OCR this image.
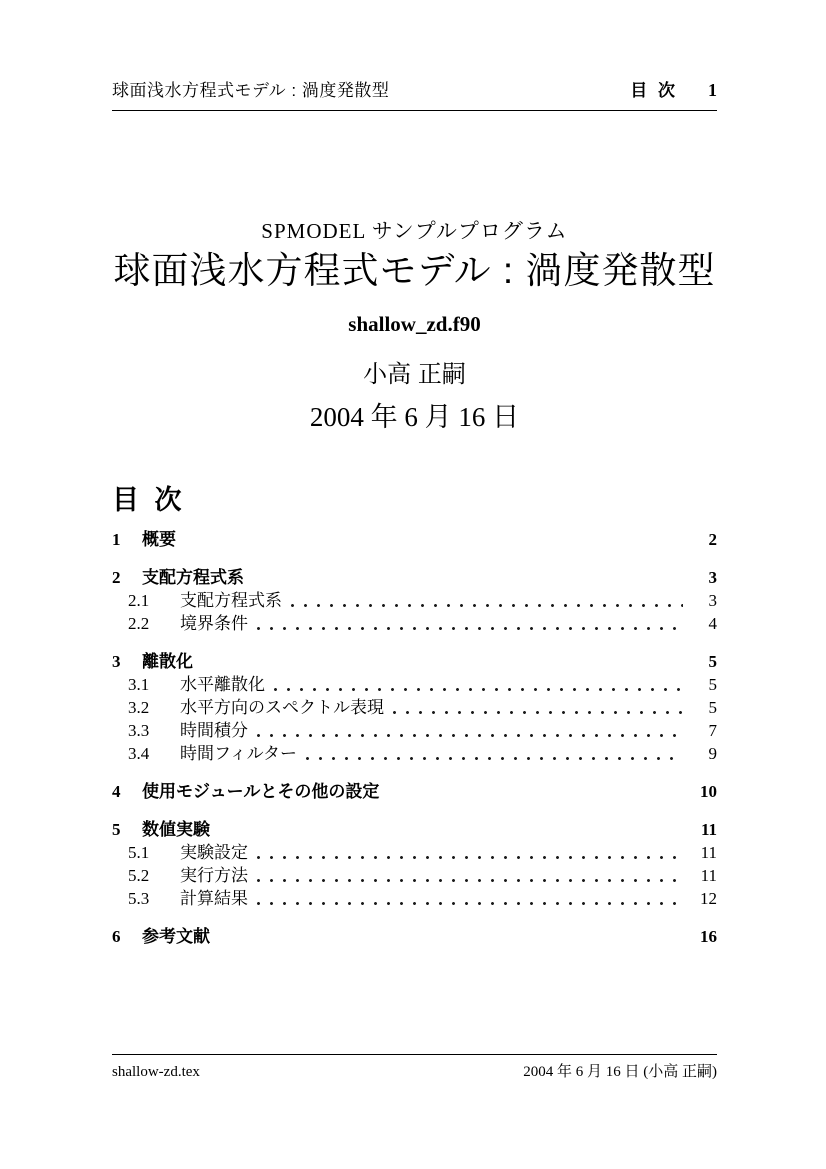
球面浅水方程式モデル : 渦度発散型	目 次 1
SPMODEL サンプルプログラム
球面浅水方程式モデル : 渦度発散型
shallow_zd.f90
小高 正嗣
2004 年 6 月 16 日
目 次
1	概要	2
2	支配方程式系	3
2.1	支配方程式系	3
2.2	境界条件	4
3	離散化	5
3.1	水平離散化	5
3.2	水平方向のスペクトル表現	5
3.3	時間積分	7
3.4	時間フィルター	9
4	使用モジュールとその他の設定	10
5	数値実験	11
5.1	実験設定	11
5.2	実行方法	11
5.3	計算結果	12
6	参考文献	16
shallow-zd.tex	2004 年 6 月 16 日 (小高 正嗣)
